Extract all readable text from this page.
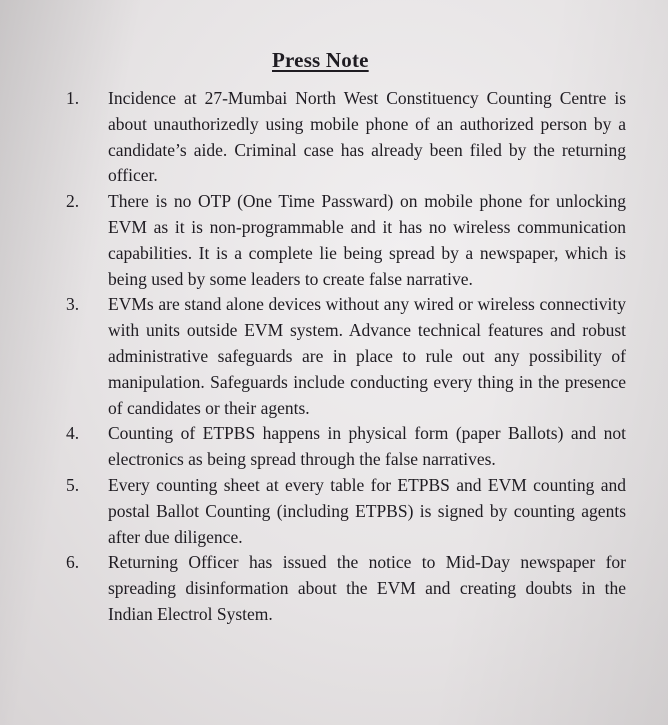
Press Note
1.	Incidence at 27-Mumbai North West Constituency Counting Centre is about unauthorizedly using mobile phone of an authorized person by a candidate’s aide. Criminal case has already been filed by the returning officer.
2.	There is no OTP (One Time Passward) on mobile phone for unlocking EVM as it is non-programmable and it has no wireless communication capabilities. It is a complete lie being spread by a newspaper, which is being used by some leaders to create false narrative.
3.	EVMs are stand alone devices without any wired or wireless connectivity with units outside EVM system. Advance technical features and robust administrative safeguards are in place to rule out any possibility of manipulation. Safeguards include conducting every thing in the presence of candidates or their agents.
4.	Counting of ETPBS happens in physical form (paper Ballots) and not electronics as being spread through the false narratives.
5.	Every counting sheet at every table for ETPBS and EVM counting and postal Ballot Counting (including ETPBS) is signed by counting agents after due diligence.
6.	Returning Officer has issued the notice to Mid-Day newspaper for spreading disinformation about the EVM and creating doubts in the Indian Electrol System.
